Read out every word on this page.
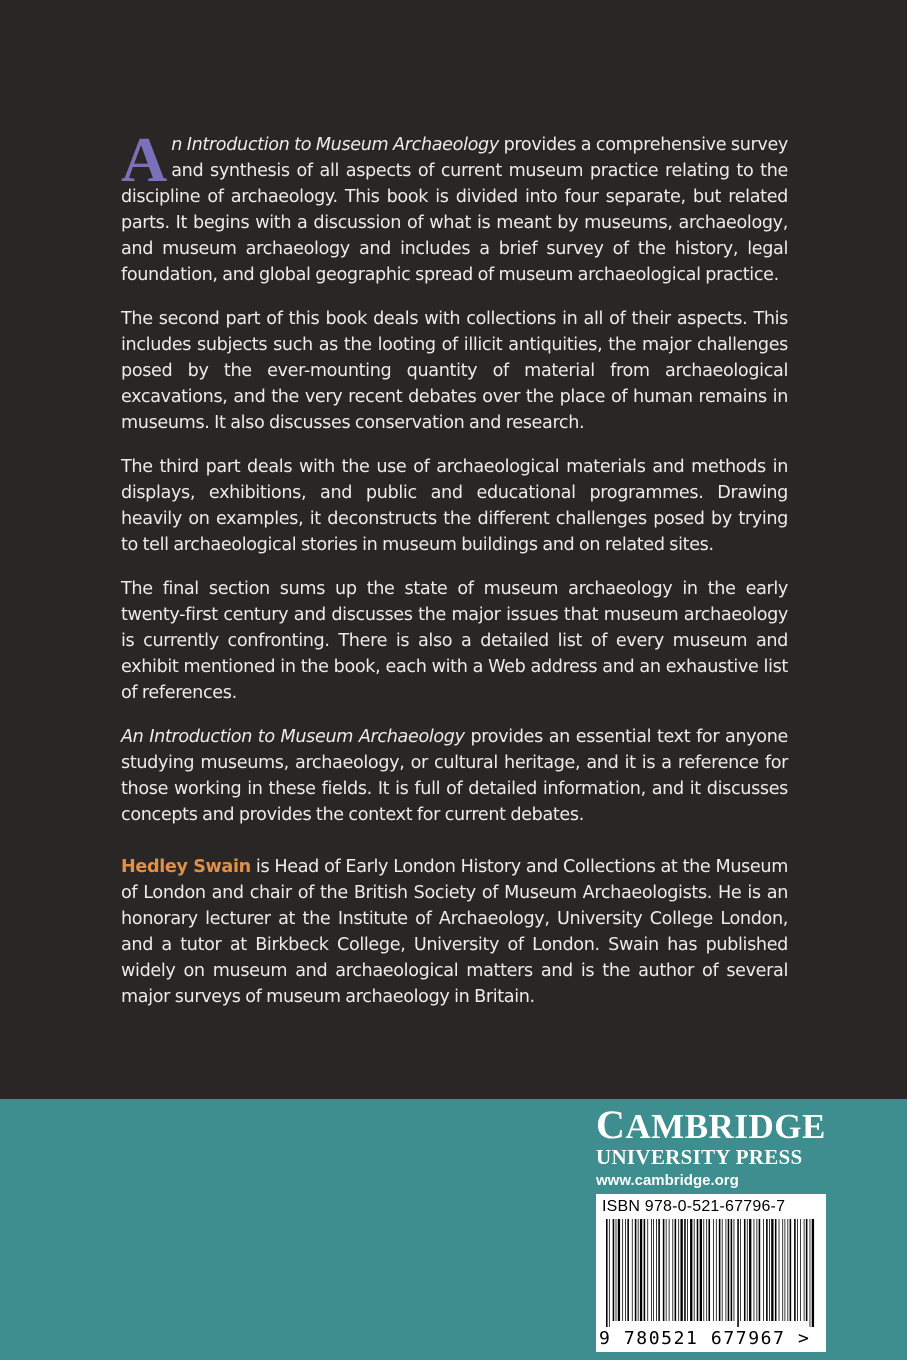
An Introduction to Museum Archaeology provides a comprehensive survey and synthesis of all aspects of current museum practice relating to the discipline of archaeology. This book is divided into four separate, but related parts. It begins with a discussion of what is meant by museums, archaeology, and museum archaeology and includes a brief survey of the history, legal foundation, and global geographic spread of museum archaeological practice.

The second part of this book deals with collections in all of their aspects. This includes subjects such as the looting of illicit antiquities, the major challenges posed by the ever-mounting quantity of material from archaeological excavations, and the very recent debates over the place of human remains in museums. It also discusses conservation and research.

The third part deals with the use of archaeological materials and methods in displays, exhibitions, and public and educational programmes. Drawing heavily on examples, it deconstructs the different challenges posed by trying to tell archaeological stories in museum buildings and on related sites.

The final section sums up the state of museum archaeology in the early twenty-first century and discusses the major issues that museum archaeology is currently confronting. There is also a detailed list of every museum and exhibit mentioned in the book, each with a Web address and an exhaustive list of references.

An Introduction to Museum Archaeology provides an essential text for anyone studying museums, archaeology, or cultural heritage, and it is a reference for those working in these fields. It is full of detailed information, and it discusses concepts and provides the context for current debates.

Hedley Swain is Head of Early London History and Collections at the Museum of London and chair of the British Society of Museum Archaeologists. He is an honorary lecturer at the Institute of Archaeology, University College London, and a tutor at Birkbeck College, University of London. Swain has published widely on museum and archaeological matters and is the author of several major surveys of museum archaeology in Britain.

CAMBRIDGE
UNIVERSITY PRESS
www.cambridge.org
ISBN 978-0-521-67796-7
9 780521 677967 >
